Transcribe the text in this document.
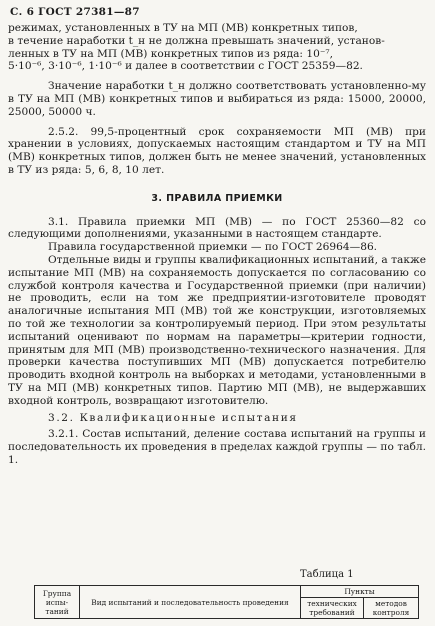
С. 6 ГОСТ 27381—87

режимах, установленных в ТУ на МП (МВ) конкретных типов,

в течение наработки t_н не должна превышать значений, установ-

ленных в ТУ на МП (МВ) конкретных типов из ряда: 10⁻⁷,

5·10⁻⁶, 3·10⁻⁶, 1·10⁻⁶ и далее в соответствии с ГОСТ 25359—82.

Значение наработки t_н должно соответствовать установленно-му в ТУ на МП (МВ) конкретных типов и выбираться из ряда: 15000, 20000, 25000, 50000 ч.

2.5.2. 99,5-процентный срок сохраняемости МП (МВ) при хранении в условиях, допускаемых настоящим стандартом и ТУ на МП (МВ) конкретных типов, должен быть не менее значений, установленных в ТУ из ряда: 5, 6, 8, 10 лет.

3. ПРАВИЛА ПРИЕМКИ

3.1. Правила приемки МП (МВ) — по ГОСТ 25360—82 со следующими дополнениями, указанными в настоящем стандарте.

Правила государственной приемки — по ГОСТ 26964—86.

Отдельные виды и группы квалификационных испытаний, а также испытание МП (МВ) на сохраняемость допускается по согласованию со службой контроля качества и Государственной приемки (при наличии) не проводить, если на том же предприятии-изготовителе проводят аналогичные испытания МП (МВ) той же конструкции, изготовляемых по той же технологии за контролируемый период. При этом результаты испытаний оценивают по нормам на параметры—критерии годности, принятым для МП (МВ) производственно-технического назначения. Для проверки качества поступивших МП (МВ) допускается потребителю проводить входной контроль на выборках и методами, установленными в ТУ на МП (МВ) конкретных типов. Партию МП (МВ), не выдержавших входной контроль, возвращают изготовителю.

3.2. Квалификационные испытания

3.2.1. Состав испытаний, деление состава испытаний на группы и последовательность их проведения в пределах каждой группы — по табл. 1.

Таблица 1
Группа испы-таний	Вид испытаний и последовательность проведения	Пункты	
		технических требований	методов контроля
